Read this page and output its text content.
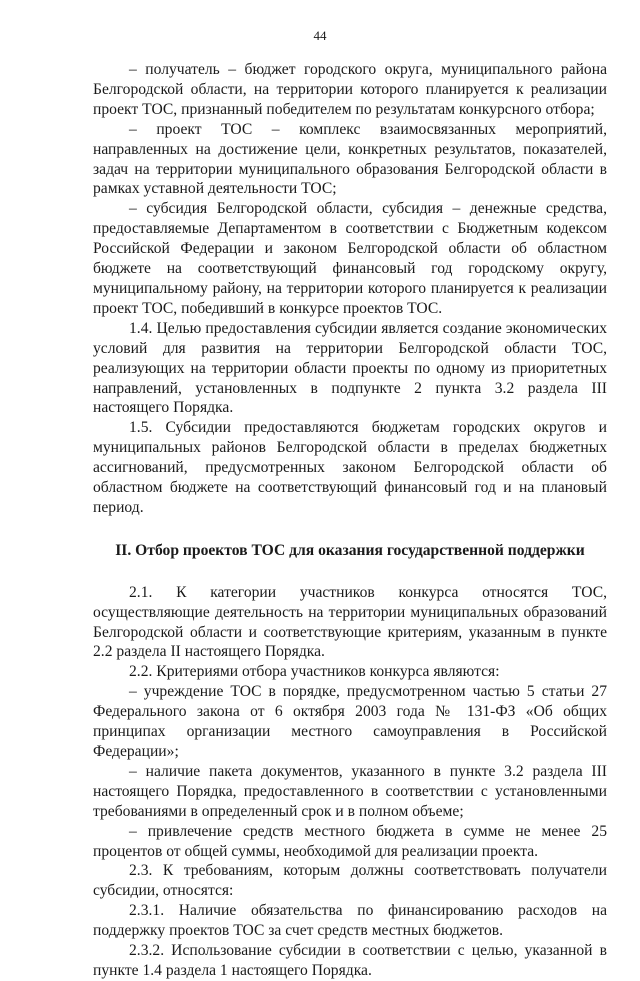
44

– получатель – бюджет городского округа, муниципального района Белгородской области, на территории которого планируется к реализации проект ТОС, признанный победителем по результатам конкурсного отбора;

– проект ТОС – комплекс взаимосвязанных мероприятий, направленных на достижение цели, конкретных результатов, показателей, задач на территории муниципального образования Белгородской области в рамках уставной деятельности ТОС;

– субсидия Белгородской области, субсидия – денежные средства, предоставляемые Департаментом в соответствии с Бюджетным кодексом Российской Федерации и законом Белгородской области об областном бюджете на соответствующий финансовый год городскому округу, муниципальному району, на территории которого планируется к реализации проект ТОС, победивший в конкурсе проектов ТОС.

1.4. Целью предоставления субсидии является создание экономических условий для развития на территории Белгородской области ТОС, реализующих на территории области проекты по одному из приоритетных направлений, установленных в подпункте 2 пункта 3.2 раздела III настоящего Порядка.

1.5. Субсидии предоставляются бюджетам городских округов и муниципальных районов Белгородской области в пределах бюджетных ассигнований, предусмотренных законом Белгородской области об областном бюджете на соответствующий финансовый год и на плановый период.

II. Отбор проектов ТОС для оказания государственной поддержки

2.1. К категории участников конкурса относятся ТОС, осуществляющие деятельность на территории муниципальных образований Белгородской области и соответствующие критериям, указанным в пункте 2.2 раздела II настоящего Порядка.

2.2. Критериями отбора участников конкурса являются:

– учреждение ТОС в порядке, предусмотренном частью 5 статьи 27 Федерального закона от 6 октября 2003 года № 131-ФЗ «Об общих принципах организации местного самоуправления в Российской Федерации»;

– наличие пакета документов, указанного в пункте 3.2 раздела III настоящего Порядка, предоставленного в соответствии с установленными требованиями в определенный срок и в полном объеме;

– привлечение средств местного бюджета в сумме не менее 25 процентов от общей суммы, необходимой для реализации проекта.

2.3. К требованиям, которым должны соответствовать получатели субсидии, относятся:

2.3.1. Наличие обязательства по финансированию расходов на поддержку проектов ТОС за счет средств местных бюджетов.

2.3.2. Использование субсидии в соответствии с целью, указанной в пункте 1.4 раздела 1 настоящего Порядка.
